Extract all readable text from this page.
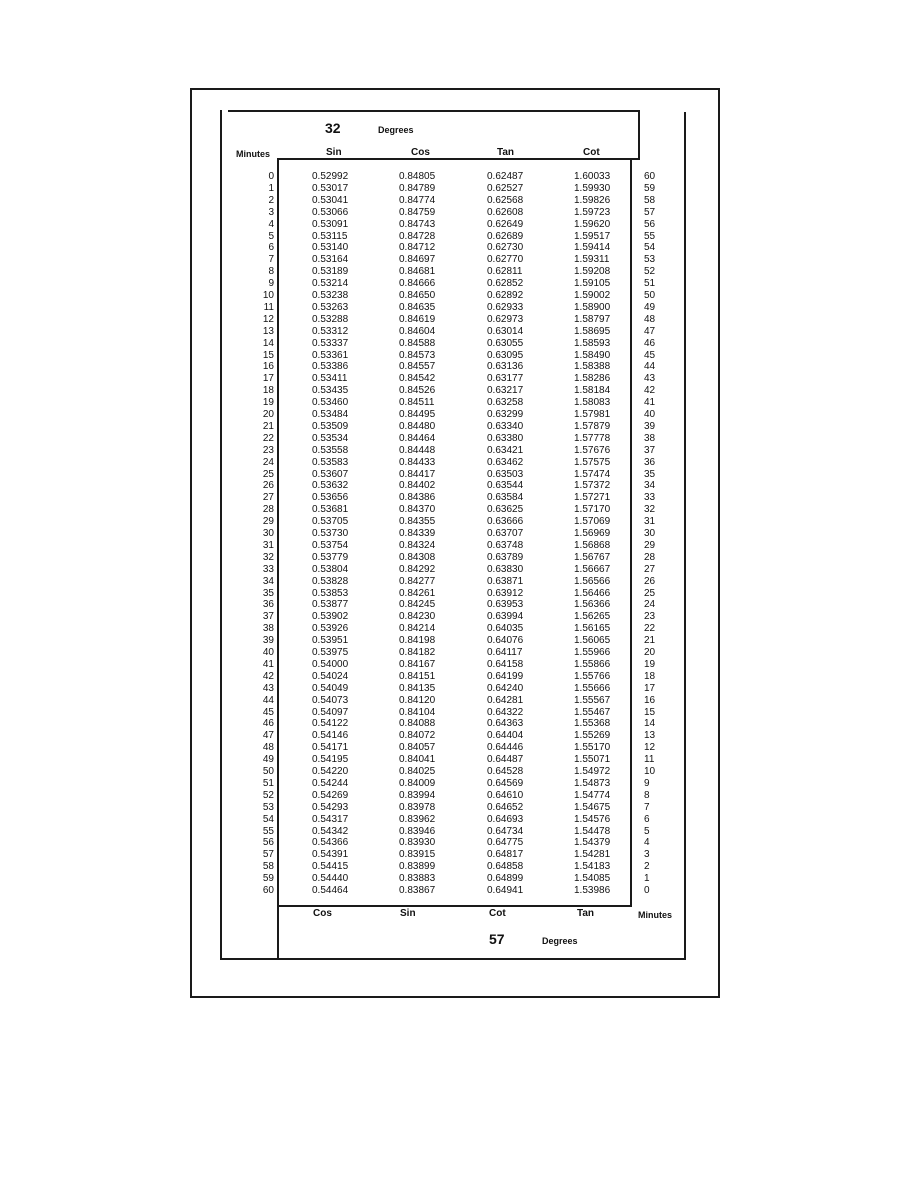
32	Degrees
Minutes	Sin	Cos	Tan	Cot
0	0.52992	0.84805	0.62487	1.60033	60
1	0.53017	0.84789	0.62527	1.59930	59
2	0.53041	0.84774	0.62568	1.59826	58
3	0.53066	0.84759	0.62608	1.59723	57
4	0.53091	0.84743	0.62649	1.59620	56
5	0.53115	0.84728	0.62689	1.59517	55
6	0.53140	0.84712	0.62730	1.59414	54
7	0.53164	0.84697	0.62770	1.59311	53
8	0.53189	0.84681	0.62811	1.59208	52
9	0.53214	0.84666	0.62852	1.59105	51
10	0.53238	0.84650	0.62892	1.59002	50
11	0.53263	0.84635	0.62933	1.58900	49
12	0.53288	0.84619	0.62973	1.58797	48
13	0.53312	0.84604	0.63014	1.58695	47
14	0.53337	0.84588	0.63055	1.58593	46
15	0.53361	0.84573	0.63095	1.58490	45
16	0.53386	0.84557	0.63136	1.58388	44
17	0.53411	0.84542	0.63177	1.58286	43
18	0.53435	0.84526	0.63217	1.58184	42
19	0.53460	0.84511	0.63258	1.58083	41
20	0.53484	0.84495	0.63299	1.57981	40
21	0.53509	0.84480	0.63340	1.57879	39
22	0.53534	0.84464	0.63380	1.57778	38
23	0.53558	0.84448	0.63421	1.57676	37
24	0.53583	0.84433	0.63462	1.57575	36
25	0.53607	0.84417	0.63503	1.57474	35
26	0.53632	0.84402	0.63544	1.57372	34
27	0.53656	0.84386	0.63584	1.57271	33
28	0.53681	0.84370	0.63625	1.57170	32
29	0.53705	0.84355	0.63666	1.57069	31
30	0.53730	0.84339	0.63707	1.56969	30
31	0.53754	0.84324	0.63748	1.56868	29
32	0.53779	0.84308	0.63789	1.56767	28
33	0.53804	0.84292	0.63830	1.56667	27
34	0.53828	0.84277	0.63871	1.56566	26
35	0.53853	0.84261	0.63912	1.56466	25
36	0.53877	0.84245	0.63953	1.56366	24
37	0.53902	0.84230	0.63994	1.56265	23
38	0.53926	0.84214	0.64035	1.56165	22
39	0.53951	0.84198	0.64076	1.56065	21
40	0.53975	0.84182	0.64117	1.55966	20
41	0.54000	0.84167	0.64158	1.55866	19
42	0.54024	0.84151	0.64199	1.55766	18
43	0.54049	0.84135	0.64240	1.55666	17
44	0.54073	0.84120	0.64281	1.55567	16
45	0.54097	0.84104	0.64322	1.55467	15
46	0.54122	0.84088	0.64363	1.55368	14
47	0.54146	0.84072	0.64404	1.55269	13
48	0.54171	0.84057	0.64446	1.55170	12
49	0.54195	0.84041	0.64487	1.55071	11
50	0.54220	0.84025	0.64528	1.54972	10
51	0.54244	0.84009	0.64569	1.54873	9
52	0.54269	0.83994	0.64610	1.54774	8
53	0.54293	0.83978	0.64652	1.54675	7
54	0.54317	0.83962	0.64693	1.54576	6
55	0.54342	0.83946	0.64734	1.54478	5
56	0.54366	0.83930	0.64775	1.54379	4
57	0.54391	0.83915	0.64817	1.54281	3
58	0.54415	0.83899	0.64858	1.54183	2
59	0.54440	0.83883	0.64899	1.54085	1
60	0.54464	0.83867	0.64941	1.53986	0
Cos	Sin	Cot	Tan	Minutes
57	Degrees
